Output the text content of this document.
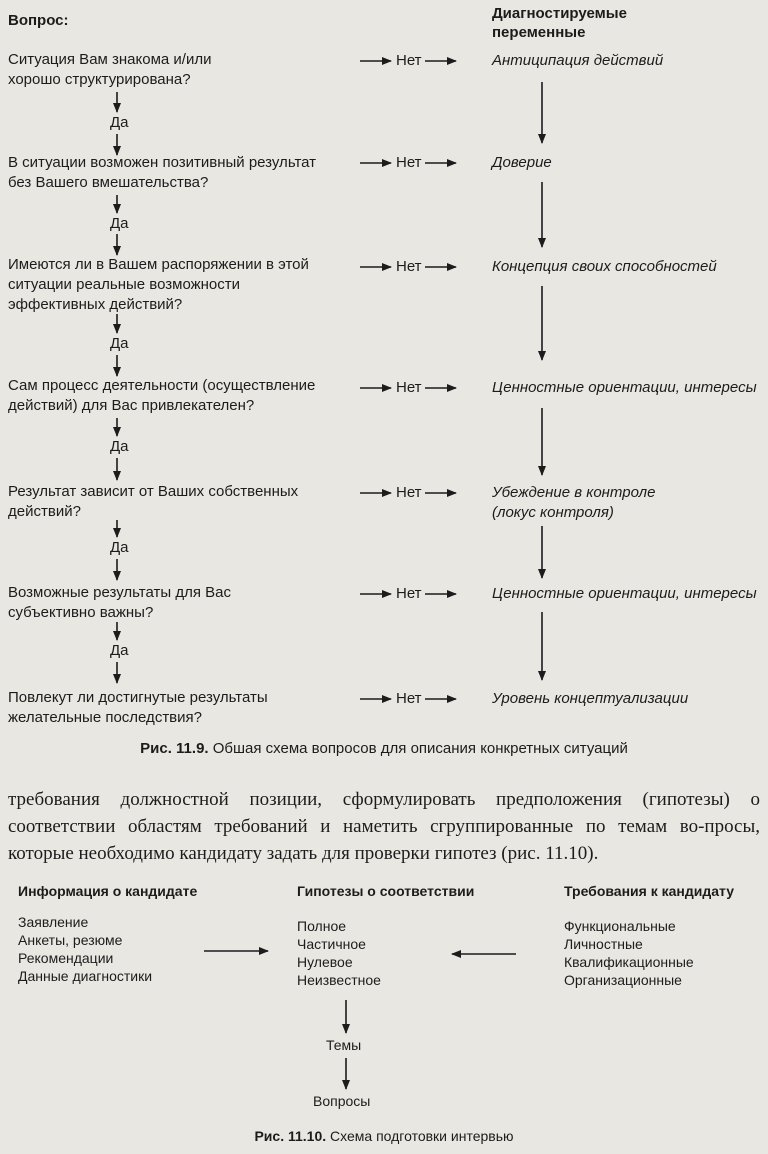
Вопрос:	Диагностируемые
переменные
Ситуация Вам знакома и/или
хорошо структурирована?
Нет	Антиципация действий
Да
В ситуации возможен позитивный результат
без Вашего вмешательства?
Нет	Доверие
Да
Имеются ли в Вашем распоряжении в этой
ситуации реальные возможности
эффективных действий?
Нет	Концепция своих способностей
Да
Сам процесс деятельности (осуществление
действий) для Вас привлекателен?
Нет	Ценностные ориентации, интересы
Да
Результат зависит от Ваших собственных
действий?
Нет	Убеждение в контроле
(локус контроля)
Да
Возможные результаты для Вас
субъективно важны?
Нет	Ценностные ориентации, интересы
Да
Повлекут ли достигнутые результаты
желательные последствия?
Нет	Уровень концептуализации
Рис. 11.9. Обшая схема вопросов для описания конкретных ситуаций
требования должностной позиции, сформулировать предположения (гипотезы) о соответствии областям требований и наметить сгруппированные по темам во-просы, которые необходимо кандидату задать для проверки гипотез (рис. 11.10).
Информация о кандидате
Заявление
Анкеты, резюме
Рекомендации
Данные диагностики
Гипотезы о соответствии
Полное
Частичное
Нулевое
Неизвестное
Требования к кандидату
Функциональные
Личностные
Квалификационные
Организационные
Темы
Вопросы
Рис. 11.10. Схема подготовки интервью
